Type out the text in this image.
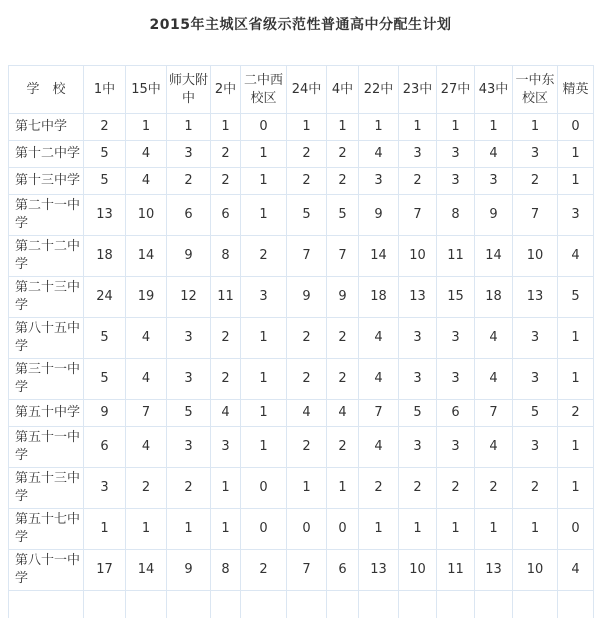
2015年主城区省级示范性普通高中分配生计划
学　校	1中	15中	师大附中	2中	二中西校区	24中	4中	22中	23中	27中	43中	一中东校区	精英
第七中学	2	1	1	1	0	1	1	1	1	1	1	1	0
第十二中学	5	4	3	2	1	2	2	4	3	3	4	3	1
第十三中学	5	4	2	2	1	2	2	3	2	3	3	2	1
第二十一中学	13	10	6	6	1	5	5	9	7	8	9	7	3
第二十二中学	18	14	9	8	2	7	7	14	10	11	14	10	4
第二十三中学	24	19	12	11	3	9	9	18	13	15	18	13	5
第八十五中学	5	4	3	2	1	2	2	4	3	3	4	3	1
第三十一中学	5	4	3	2	1	2	2	4	3	3	4	3	1
第五十中学	9	7	5	4	1	4	4	7	5	6	7	5	2
第五十一中学	6	4	3	3	1	2	2	4	3	3	4	3	1
第五十三中学	3	2	2	1	0	1	1	2	2	2	2	2	1
第五十七中学	1	1	1	1	0	0	0	1	1	1	1	1	0
第八十一中学	17	14	9	8	2	7	6	13	10	11	13	10	4
